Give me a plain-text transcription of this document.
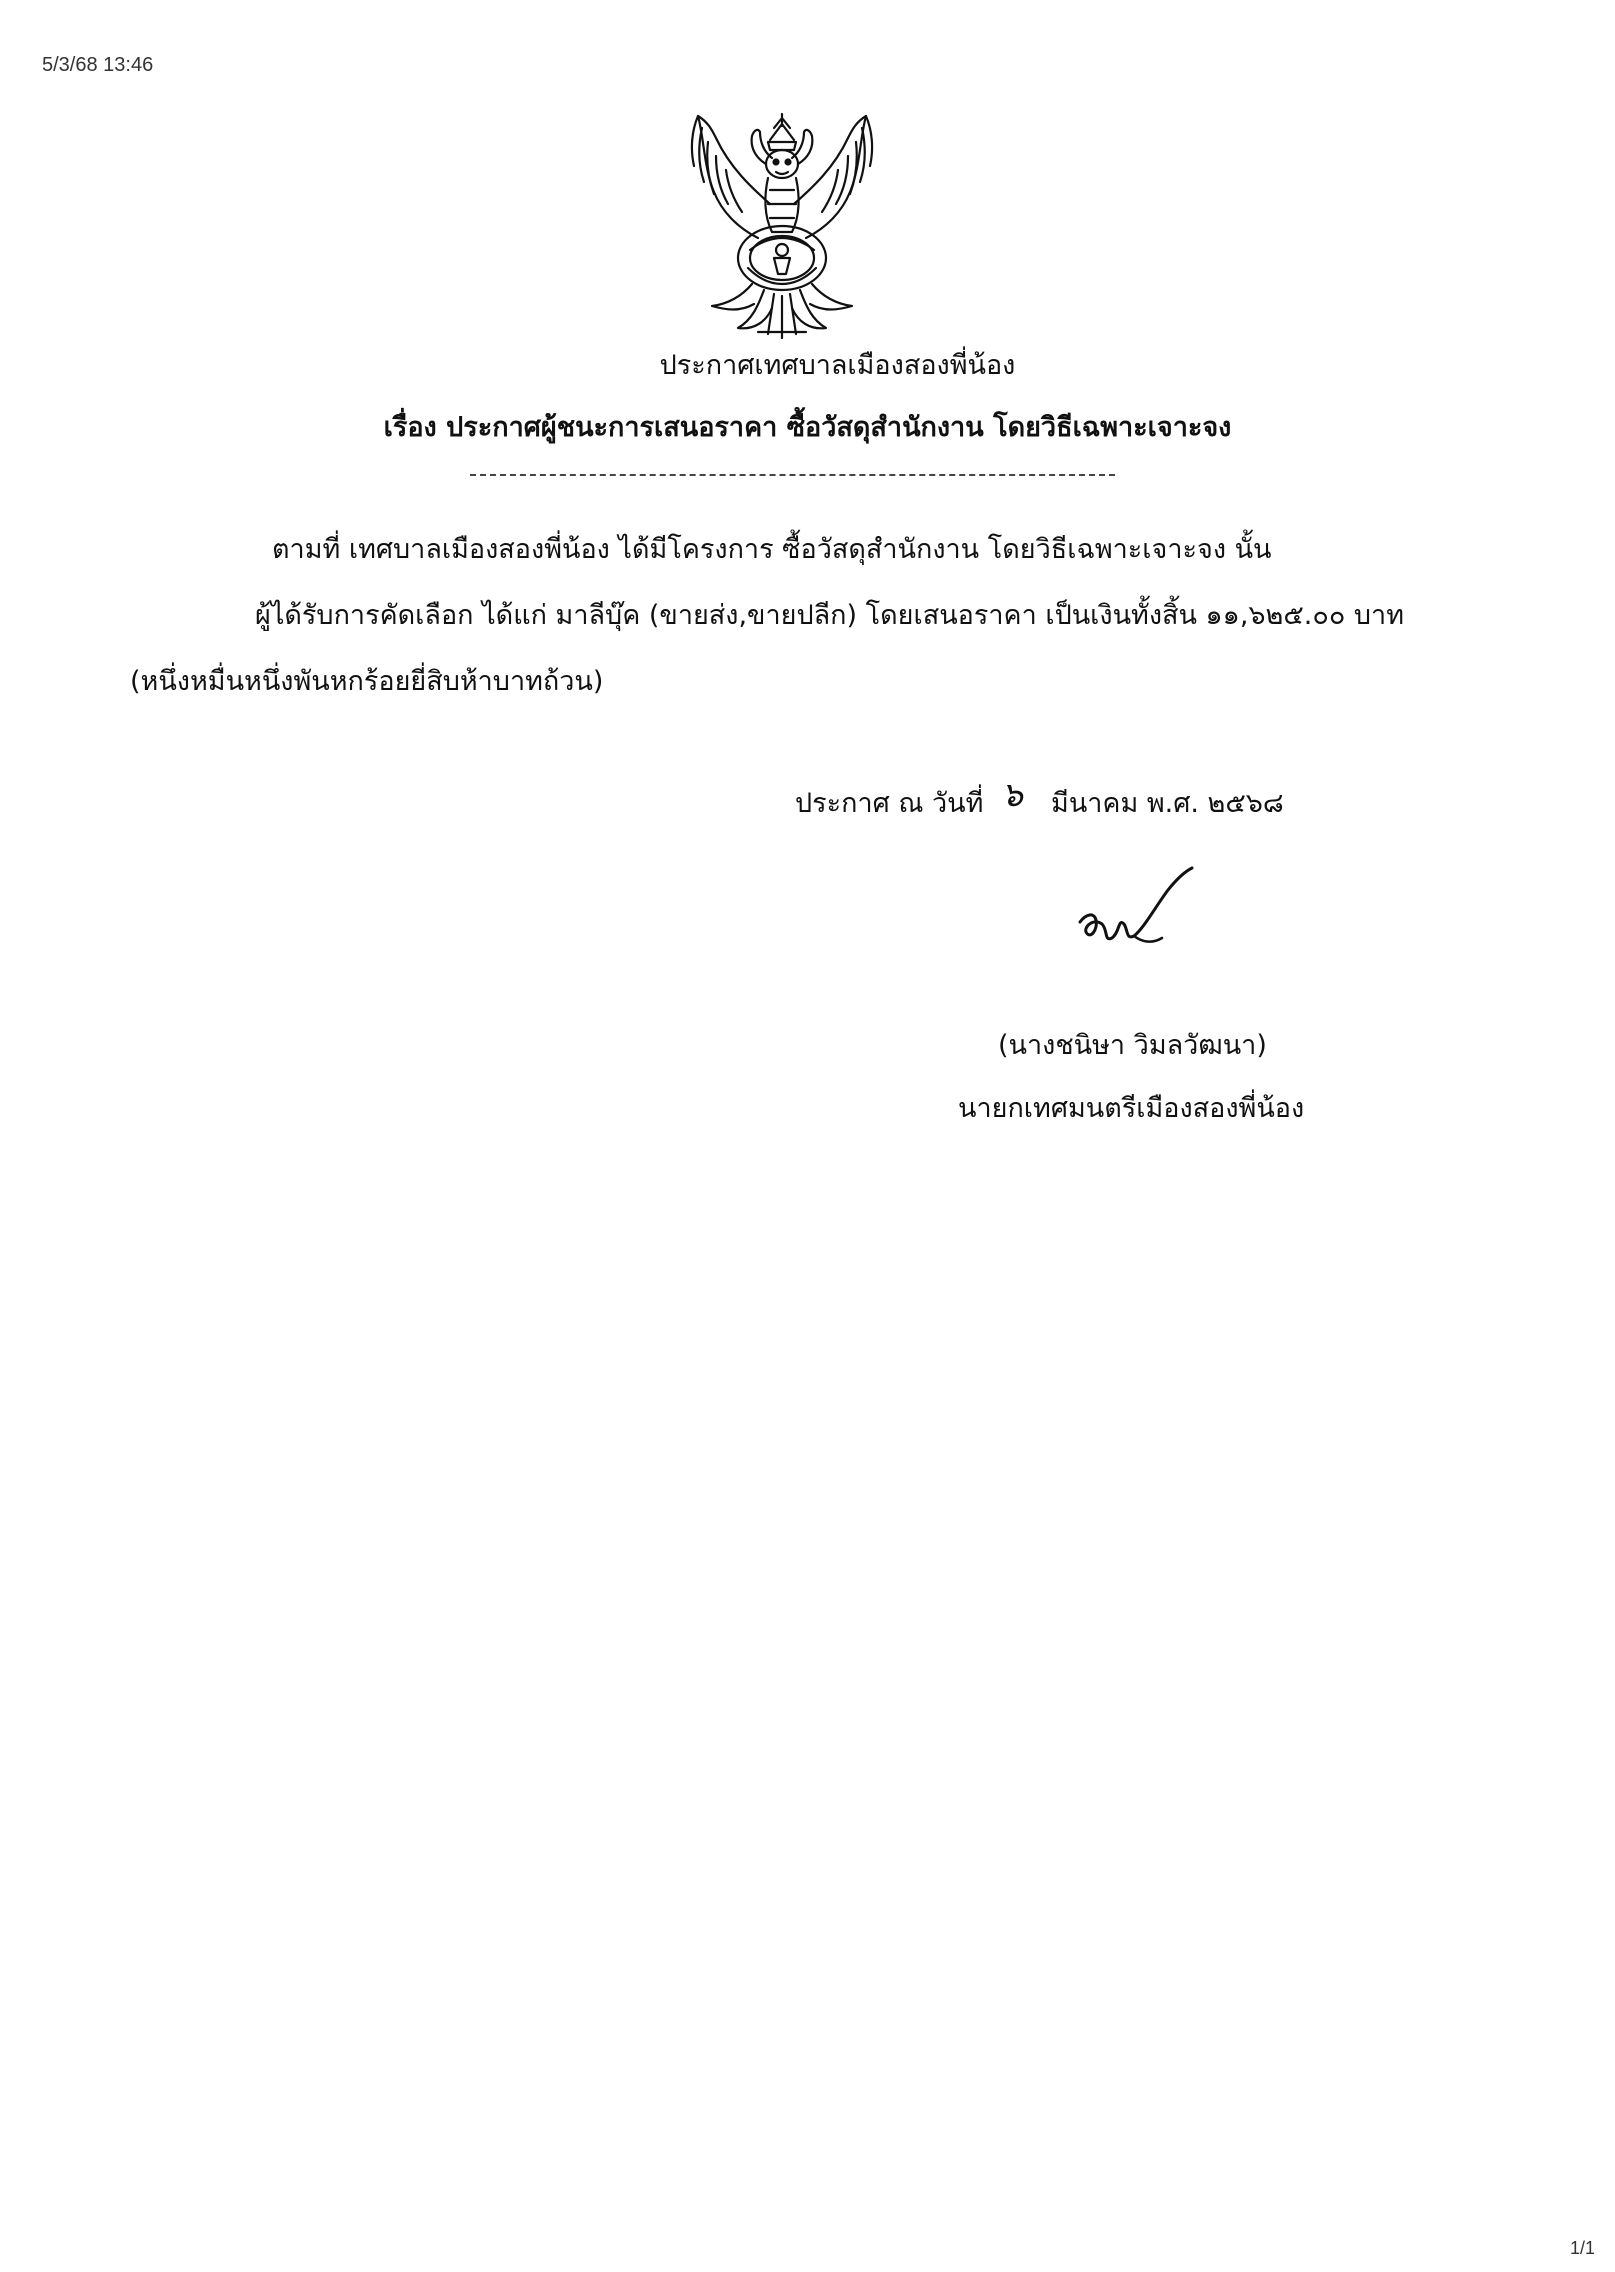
5/3/68 13:46
ประกาศเทศบาลเมืองสองพี่น้อง
เรื่อง ประกาศผู้ชนะการเสนอราคา ซื้อวัสดุสำนักงาน โดยวิธีเฉพาะเจาะจง
ตามที่ เทศบาลเมืองสองพี่น้อง ได้มีโครงการ ซื้อวัสดุสำนักงาน โดยวิธีเฉพาะเจาะจง นั้น
ผู้ได้รับการคัดเลือก ได้แก่ มาลีบุ๊ค (ขายส่ง,ขายปลีก) โดยเสนอราคา เป็นเงินทั้งสิ้น ๑๑,๖๒๕.๐๐ บาท
(หนึ่งหมื่นหนึ่งพันหกร้อยยี่สิบห้าบาทถ้วน)
ประกาศ ณ วันที่ ๖ มีนาคม พ.ศ. ๒๕๖๘
(นางชนิษา วิมลวัฒนา)
นายกเทศมนตรีเมืองสองพี่น้อง
1/1
